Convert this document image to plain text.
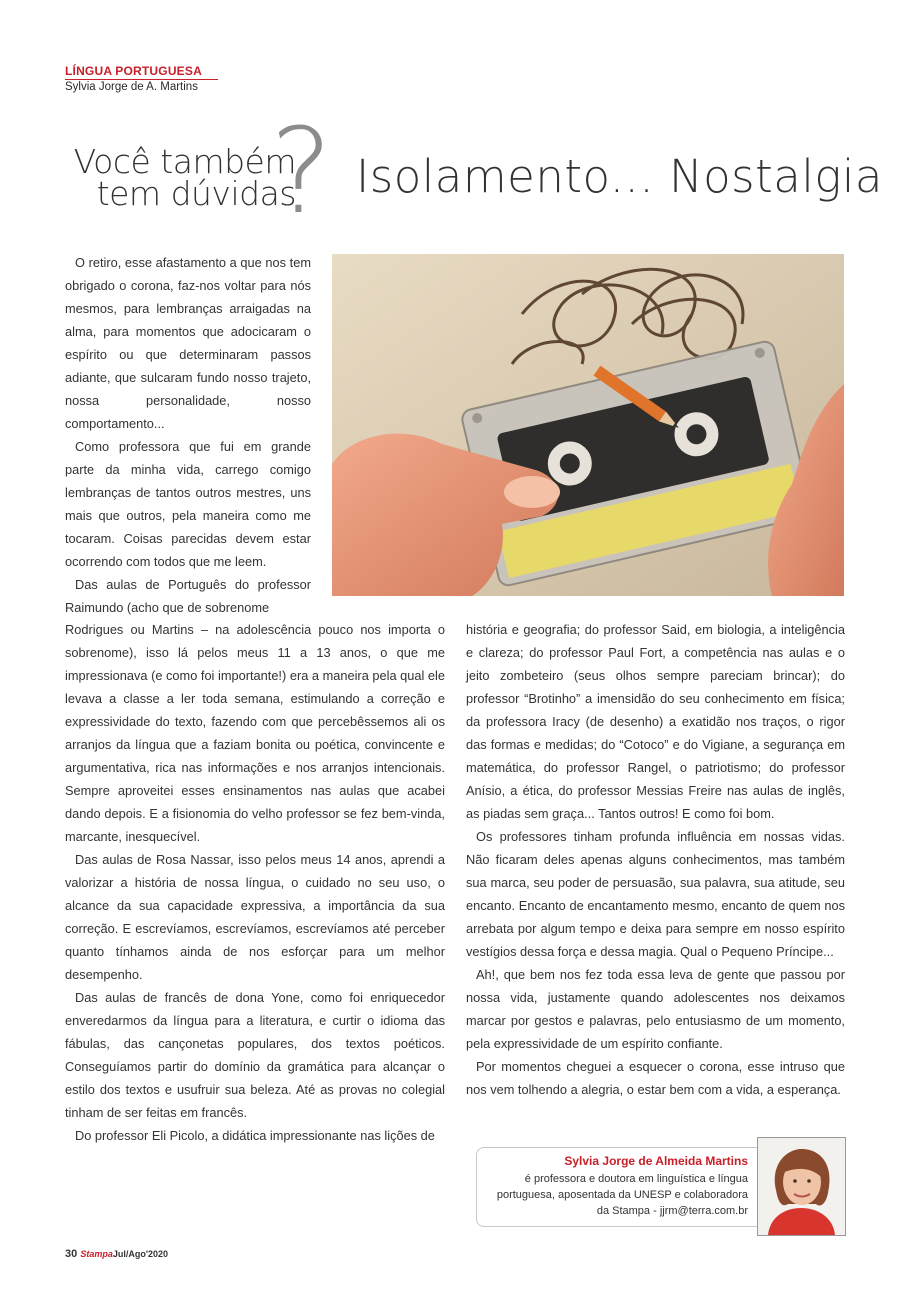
LÍNGUA PORTUGUESA
Sylvia Jorge de A. Martins
Você também
tem dúvidas
? Isolamento... Nostalgia

O retiro, esse afastamento a que nos tem obrigado o corona, faz-nos voltar para nós mesmos, para lembranças arraigadas na alma, para momentos que adocicaram o espírito ou que determinaram passos adiante, que sulcaram fundo nosso trajeto, nossa personalidade, nosso comportamento...

Como professora que fui em grande parte da minha vida, carrego comigo lembranças de tantos outros mestres, uns mais que outros, pela maneira como me tocaram. Coisas parecidas devem estar ocorrendo com todos que me leem.

Das aulas de Português do professor Raimundo (acho que de sobrenome

Rodrigues ou Martins – na adolescência pouco nos importa o sobrenome), isso lá pelos meus 11 a 13 anos, o que me impressionava (e como foi importante!) era a maneira pela qual ele levava a classe a ler toda semana, estimulando a correção e expressividade do texto, fazendo com que percebêssemos ali os arranjos da língua que a faziam bonita ou poética, convincente e argumentativa, rica nas informações e nos arranjos intencionais. Sempre aproveitei esses ensinamentos nas aulas que acabei dando depois. E a fisionomia do velho professor se fez bem-vinda, marcante, inesquecível.

Das aulas de Rosa Nassar, isso pelos meus 14 anos, aprendi a valorizar a história de nossa língua, o cuidado no seu uso, o alcance da sua capacidade expressiva, a importância da sua correção. E escrevíamos, escrevíamos, escrevíamos até perceber quanto tínhamos ainda de nos esforçar para um melhor desempenho.

Das aulas de francês de dona Yone, como foi enriquecedor enveredarmos da língua para a literatura, e curtir o idioma das fábulas, das cançonetas populares, dos textos poéticos. Conseguíamos partir do domínio da gramática para alcançar o estilo dos textos e usufruir sua beleza. Até as provas no colegial tinham de ser feitas em francês.

Do professor Eli Picolo, a didática impressionante nas lições de

história e geografia; do professor Said, em biologia, a inteligência e clareza; do professor Paul Fort, a competência nas aulas e o jeito zombeteiro (seus olhos sempre pareciam brincar); do professor “Brotinho” a imensidão do seu conhecimento em física; da professora Iracy (de desenho) a exatidão nos traços, o rigor das formas e medidas; do “Cotoco” e do Vigiane, a segurança em matemática, do professor Rangel, o patriotismo; do professor Anísio, a ética, do professor Messias Freire nas aulas de inglês, as piadas sem graça... Tantos outros! E como foi bom.

Os professores tinham profunda influência em nossas vidas. Não ficaram deles apenas alguns conhecimentos, mas também sua marca, seu poder de persuasão, sua palavra, sua atitude, seu encanto. Encanto de encantamento mesmo, encanto de quem nos arrebata por algum tempo e deixa para sempre em nosso espírito vestígios dessa força e dessa magia. Qual o Pequeno Príncipe...

Ah!, que bem nos fez toda essa leva de gente que passou por nossa vida, justamente quando adolescentes nos deixamos marcar por gestos e palavras, pelo entusiasmo de um momento, pela expressividade de um espírito confiante.

Por momentos cheguei a esquecer o corona, esse intruso que nos vem tolhendo a alegria, o estar bem com a vida, a esperança.

Sylvia Jorge de Almeida Martins
é professora e doutora em linguística e língua
portuguesa, aposentada da UNESP e colaboradora
da Stampa - jjrm@terra.com.br
30 StampaJul/Ago'2020
